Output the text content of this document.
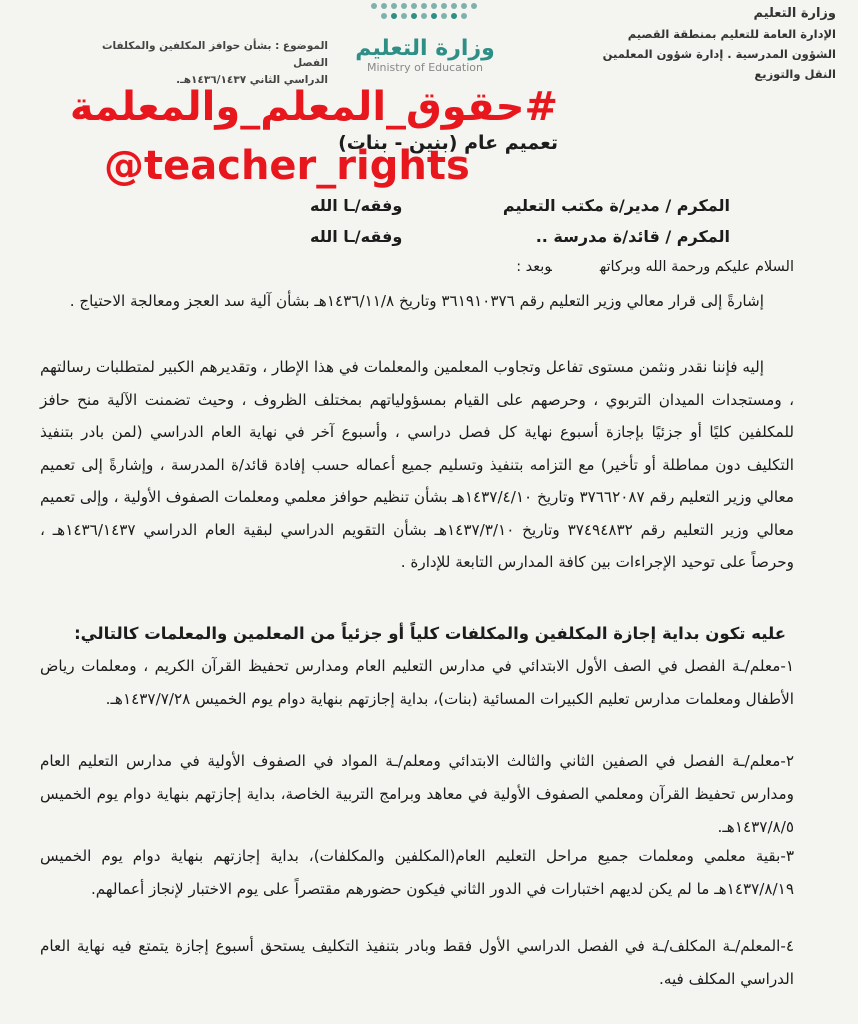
وزارة التعليم
الإدارة العامة للتعليم بمنطقة القصيم
الشؤون المدرسية . إدارة شؤون المعلمين
النقل والتوزيع
وزارة التعليم
Ministry of Education
الموضوع : بشأن حوافز المكلفين والمكلفات الفصل
الدراسي الثاني ١٤٣٦/١٤٣٧هـ.
#حقوق_المعلم_والمعلمة
تعميم عام (بنين - بنات)
@teacher_rights
المكرم / مدير/ة مكتب التعليم
وفقه/ـا الله
المكرم / قائد/ة مدرسة ..
وفقه/ـا الله
السلام عليكم ورحمة الله وبركاتهوبعد :
إشارةً إلى قرار معالي وزير التعليم رقم ٣٦١٩١٠٣٧٦ وتاريخ ١٤٣٦/١١/٨هـ بشأن آلية سد العجز ومعالجة الاحتياج .
إليه فإننا نقدر ونثمن مستوى تفاعل وتجاوب المعلمين والمعلمات في هذا الإطار ، وتقديرهم الكبير لمتطلبات رسالتهم ، ومستجدات الميدان التربوي ، وحرصهم على القيام بمسؤولياتهم بمختلف الظروف ، وحيث تضمنت الآلية منح حافز للمكلفين كليًا أو جزئيًا بإجازة أسبوع نهاية كل فصل دراسي ، وأسبوع آخر في نهاية العام الدراسي (لمن بادر بتنفيذ التكليف دون مماطلة أو تأخير) مع التزامه بتنفيذ وتسليم جميع أعماله حسب إفادة قائد/ة المدرسة ، وإشارةً إلى تعميم معالي وزير التعليم رقم ٣٧٦٦٢٠٨٧ وتاريخ ١٤٣٧/٤/١٠هـ بشأن تنظيم حوافز معلمي ومعلمات الصفوف الأولية ، وإلى تعميم معالي وزير التعليم رقم ٣٧٤٩٤٨٣٢ وتاريخ ١٤٣٧/٣/١٠هـ بشأن التقويم الدراسي لبقية العام الدراسي ١٤٣٦/١٤٣٧هـ ، وحرصاً على توحيد الإجراءات بين كافة المدارس التابعة للإدارة .
عليه تكون بداية إجازة المكلفين والمكلفات كلياً أو جزئياً من المعلمين والمعلمات كالتالي:
١-معلم/ـة الفصل في الصف الأول الابتدائي في مدارس التعليم العام ومدارس تحفيظ القرآن الكريم ، ومعلمات رياض الأطفال ومعلمات مدارس تعليم الكبيرات المسائية (بنات)، بداية إجازتهم بنهاية دوام يوم الخميس ١٤٣٧/٧/٢٨هـ.
٢-معلم/ـة الفصل في الصفين الثاني والثالث الابتدائي ومعلم/ـة المواد في الصفوف الأولية في مدارس التعليم العام ومدارس تحفيظ القرآن ومعلمي الصفوف الأولية في معاهد وبرامج التربية الخاصة، بداية إجازتهم بنهاية دوام يوم الخميس ١٤٣٧/٨/٥هـ.
٣-بقية معلمي ومعلمات جميع مراحل التعليم العام(المكلفين والمكلفات)، بداية إجازتهم بنهاية دوام يوم الخميس ١٤٣٧/٨/١٩هـ ما لم يكن لديهم اختبارات في الدور الثاني فيكون حضورهم مقتصراً على يوم الاختبار لإنجاز أعمالهم.
٤-المعلم/ـة المكلف/ـة في الفصل الدراسي الأول فقط وبادر بتنفيذ التكليف يستحق أسبوع إجازة يتمتع فيه نهاية العام الدراسي المكلف فيه.
